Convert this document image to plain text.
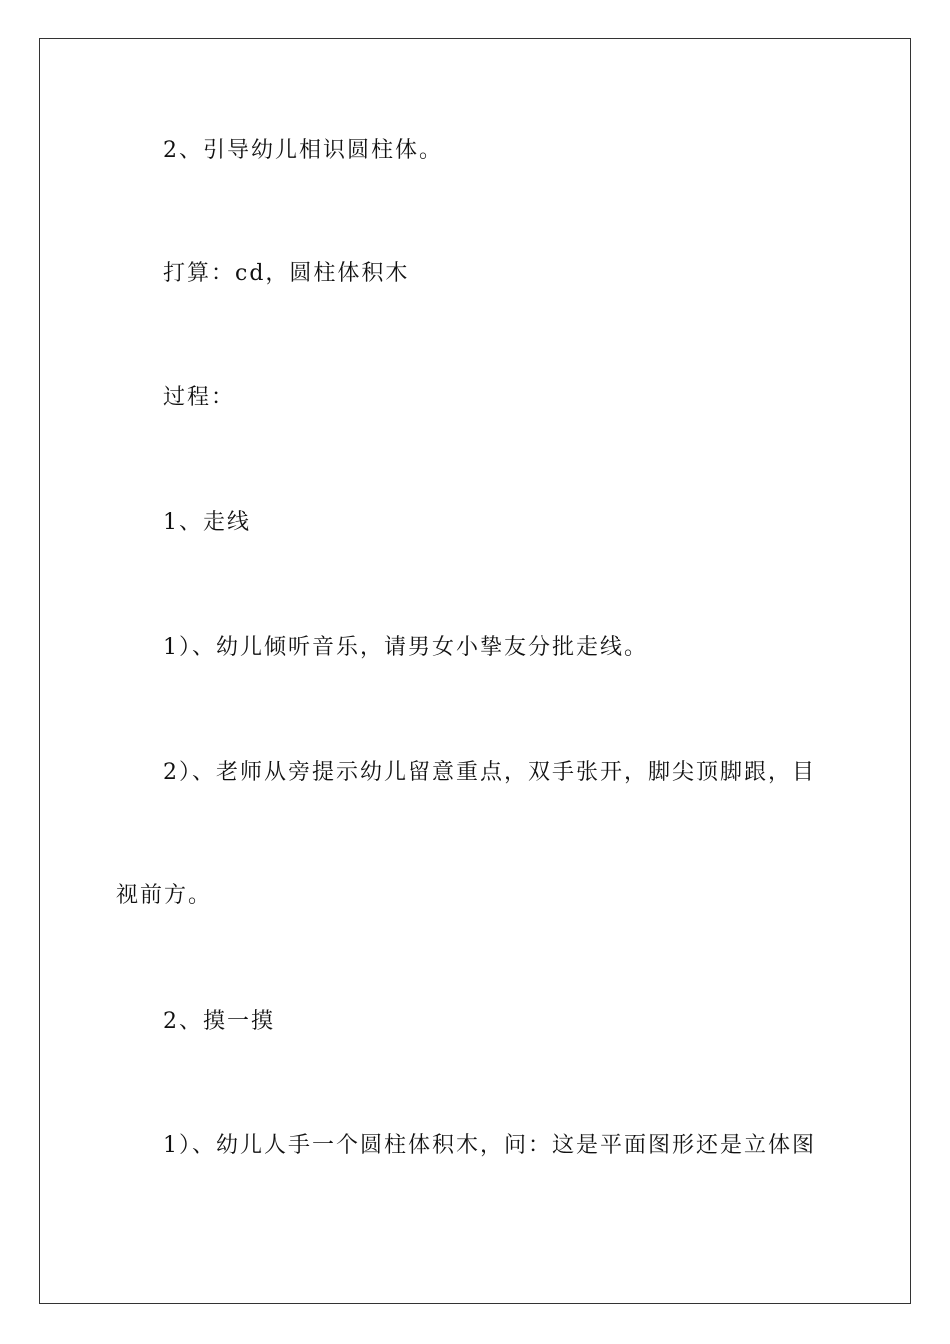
2、引导幼儿相识圆柱体。
打算：cd，圆柱体积木
过程：
1、走线
1）、幼儿倾听音乐，请男女小挚友分批走线。
2）、老师从旁提示幼儿留意重点，双手张开，脚尖顶脚跟，目
视前方。
2、摸一摸
1）、幼儿人手一个圆柱体积木，问：这是平面图形还是立体图
